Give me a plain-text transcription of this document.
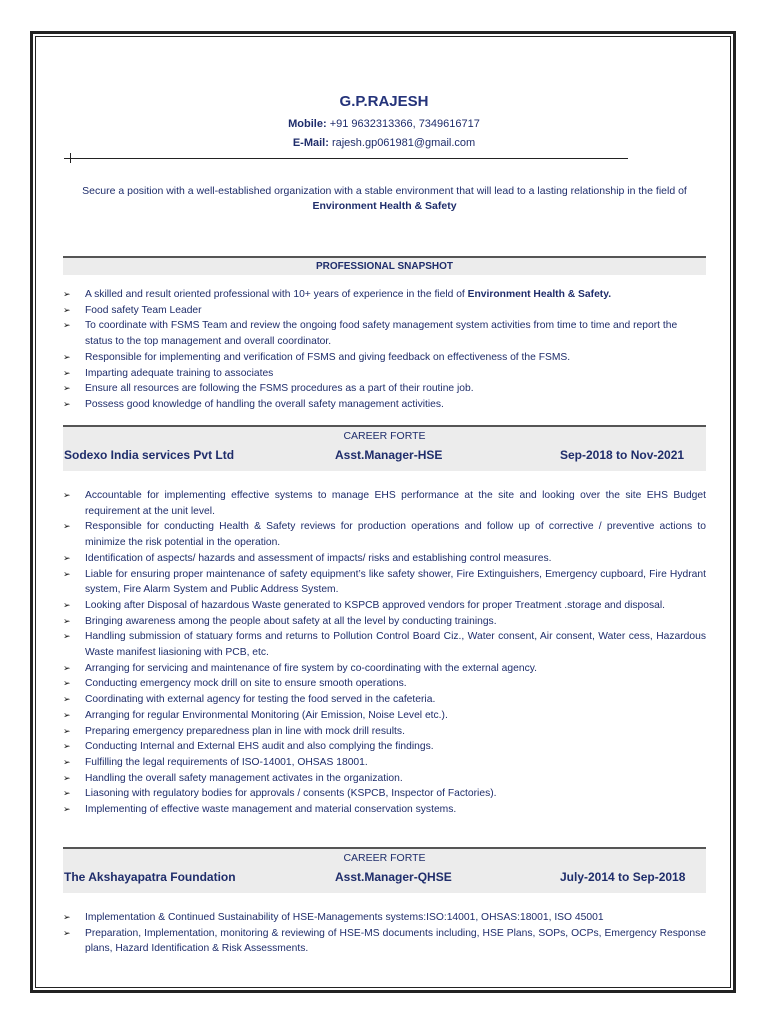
G.P.RAJESH
Mobile: +91 9632313366, 7349616717
E-Mail: rajesh.gp061981@gmail.com
Secure a position with a well-established organization with a stable environment that will lead to a lasting relationship in the field of Environment Health & Safety
PROFESSIONAL SNAPSHOT
➢ A skilled and result oriented professional with 10+ years of experience in the field of Environment Health & Safety.
➢ Food safety Team Leader
➢ To coordinate with FSMS Team and review the ongoing food safety management system activities from time to time and report the status to the top management and overall coordinator.
➢ Responsible for implementing and verification of FSMS and giving feedback on effectiveness of the FSMS.
➢ Imparting adequate training to associates
➢ Ensure all resources are following the FSMS procedures as a part of their routine job.
➢ Possess good knowledge of handling the overall safety management activities.
CAREER FORTE
Sodexo India services Pvt Ltd	Asst.Manager-HSE	Sep-2018 to Nov-2021
➢ Accountable for implementing effective systems to manage EHS performance at the site and looking over the site EHS Budget requirement at the unit level.
➢ Responsible for conducting Health & Safety reviews for production operations and follow up of corrective / preventive actions to minimize the risk potential in the operation.
➢ Identification of aspects/ hazards and assessment of impacts/ risks and establishing control measures.
➢ Liable for ensuring proper maintenance of safety equipment’s like safety shower, Fire Extinguishers, Emergency cupboard, Fire Hydrant system, Fire Alarm System and Public Address System.
➢ Looking after Disposal of hazardous Waste generated to KSPCB approved vendors for proper Treatment .storage and disposal.
➢ Bringing awareness among the people about safety at all the level by conducting trainings.
➢ Handling submission of statuary forms and returns to Pollution Control Board Ciz., Water consent, Air consent, Water cess, Hazardous Waste manifest liasioning with PCB, etc.
➢ Arranging for servicing and maintenance of fire system by co-coordinating with the external agency.
➢ Conducting emergency mock drill on site to ensure smooth operations.
➢ Coordinating with external agency for testing the food served in the cafeteria.
➢ Arranging for regular Environmental Monitoring (Air Emission, Noise Level etc.).
➢ Preparing emergency preparedness plan in line with mock drill results.
➢ Conducting Internal and External EHS audit and also complying the findings.
➢ Fulfilling the legal requirements of ISO-14001, OHSAS 18001.
➢ Handling the overall safety management activates in the organization.
➢ Liasoning with regulatory bodies for approvals / consents (KSPCB, Inspector of Factories).
➢ Implementing of effective waste management and material conservation systems.
CAREER FORTE
The Akshayapatra Foundation	Asst.Manager-QHSE	July-2014 to Sep-2018
➢ Implementation & Continued Sustainability of HSE-Managements systems:ISO:14001, OHSAS:18001, ISO 45001
➢ Preparation, Implementation, monitoring & reviewing of HSE-MS documents including, HSE Plans, SOPs, OCPs, Emergency Response plans, Hazard Identification & Risk Assessments.
